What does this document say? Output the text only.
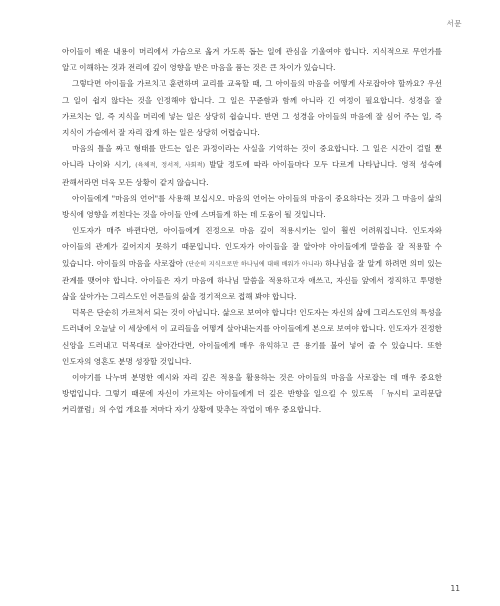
서문

아이들이 배운 내용이 머리에서 가슴으로 옮겨 가도록 돕는 일에 관심을 기울여야 합니다. 지식적으로 무언가를 알고 이해하는 것과 전리에 깊이 영향을 받은 마음을 품는 것은 큰 차이가 있습니다.

그렇다면 아이들을 가르치고 훈련하며 교리를 교육할 때, 그 아이들의 마음을 어떻게 사로잡아야 할까요? 우선 그 일이 쉽지 않다는 것을 인정해야 합니다. 그 일은 꾸준함과 함께 아니라 긴 여정이 필요합니다. 성경을 잘 가르치는 일, 즉 지식을 머리에 넣는 일은 상당히 쉽습니다. 반면 그 성경을 아이들의 마음에 잘 심어 주는 일, 즉 지식이 가슴에서 잘 자리 잡게 하는 일은 상당히 어렵습니다.

마음의 틀을 짜고 형태를 만드는 일은 과정이라는 사실을 기억하는 것이 중요합니다. 그 일은 시간이 걸릴 뿐 아니라 나이와 시기, (육체적, 정서적, 사회적) 발달 정도에 따라 아이들마다 모두 다르게 나타납니다. 영적 성숙에 관해서라면 더욱 모든 상황이 같지 않습니다.

아이들에게 "마음의 언어"를 사용해 보십시오. 마음의 언어는 아이들의 마음이 중요하다는 것과 그 마음이 삶의 방식에 영향을 끼친다는 것을 아이들 안에 스며들게 하는 데 도움이 될 것입니다.

인도자가 매주 바뀐다면, 아이들에게 진정으로 마음 깊이 적용시키는 일이 훨씬 어려워집니다. 인도자와 아이들의 관계가 깊어지지 못하기 때문입니다. 인도자가 아이들을 잘 알아야 아이들에게 말씀을 잘 적용할 수 있습니다. 아이들의 마음을 사로잡아 (단순히 지식으로만 하나님에 대해 배워가 아니라) 하나님을 잘 알게 하려면 의미 있는 관계를 맺어야 합니다. 아이들은 자기 마음에 하나님 말씀을 적용하고자 애쓰고, 자신들 앞에서 정직하고 투명한 삶을 살아가는 그리스도인 어른들의 삶을 정기적으로 접해 봐야 합니다.

덕목은 단순히 가르쳐서 되는 것이 아닙니다. 삶으로 보여야 합니다! 인도자는 자신의 삶에 그리스도인의 특성을 드러내어 오늘날 이 세상에서 이 교리들을 어떻게 살아내는지를 아이들에게 본으로 보여야 합니다. 인도자가 진정한 신앙을 드러내고 덕목대로 살아간다면, 아이들에게 매우 유익하고 큰 용기를 불어 넣어 줄 수 있습니다. 또한 인도자의 영혼도 분명 성장할 것입니다.

이야기를 나누며 분명한 예시와 자리 깊은 적용을 활용하는 것은 아이들의 마음을 사로잡는 데 매우 중요한 방법입니다. 그렇기 때문에 자신이 가르치는 아이들에게 더 깊은 반향을 일으킬 수 있도록 「뉴시티 교리문답 커리큘럼」의 수업 개요를 저마다 자기 상황에 맞추는 작업이 매우 중요합니다.

11
